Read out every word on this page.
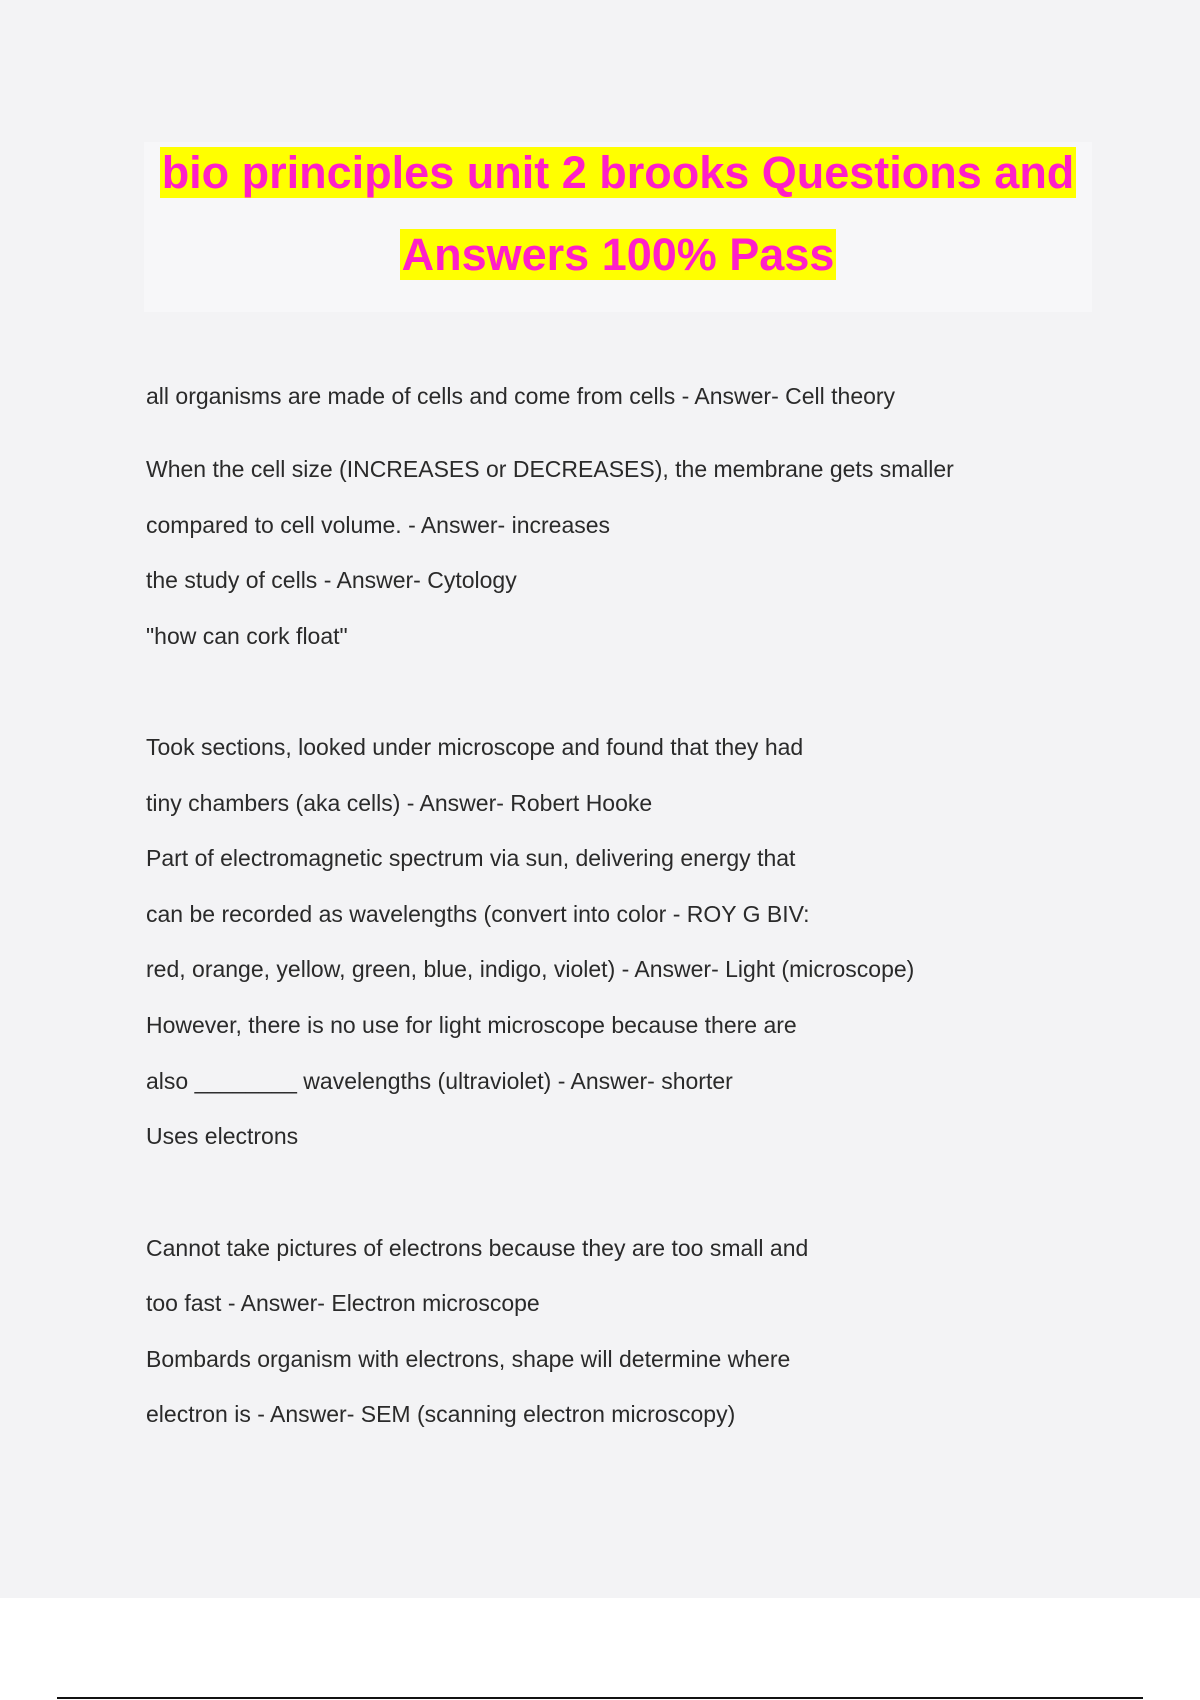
bio principles unit 2 brooks Questions and
Answers 100% Pass
all organisms are made of cells and come from cells - Answer- Cell theory
When the cell size (INCREASES or DECREASES), the membrane gets smaller
compared to cell volume. - Answer- increases
the study of cells - Answer- Cytology
"how can cork float"
Took sections, looked under microscope and found that they had
tiny chambers (aka cells) - Answer- Robert Hooke
Part of electromagnetic spectrum via sun, delivering energy that
can be recorded as wavelengths (convert into color - ROY G BIV:
red, orange, yellow, green, blue, indigo, violet) - Answer- Light (microscope)
However, there is no use for light microscope because there are
also ________ wavelengths (ultraviolet) - Answer- shorter
Uses electrons
Cannot take pictures of electrons because they are too small and
too fast - Answer- Electron microscope
Bombards organism with electrons, shape will determine where
electron is - Answer- SEM (scanning electron microscopy)
